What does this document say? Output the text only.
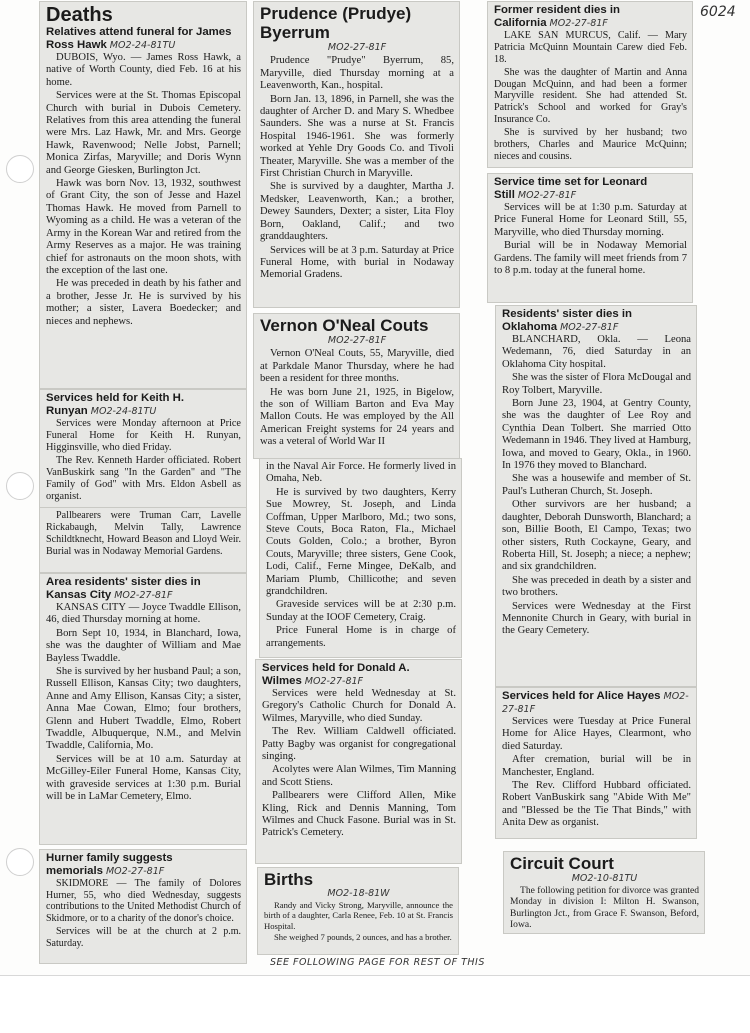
6024
Deaths
Relatives attend funeral for James Ross Hawk MO2-24-81TU

DUBOIS, Wyo. — James Ross Hawk, a native of Worth County, died Feb. 16 at his home.

Services were at the St. Thomas Episcopal Church with burial in Dubois Cemetery. Relatives from this area attending the funeral were Mrs. Laz Hawk, Mr. and Mrs. George Hawk, Ravenwood; Nelle Jobst, Parnell; Monica Zirfas, Maryville; and Doris Wynn and George Giesken, Burlington Jct.

Hawk was born Nov. 13, 1932, southwest of Grant City, the son of Jesse and Hazel Thomas Hawk. He moved from Parnell to Wyoming as a child. He was a veteran of the Army in the Korean War and retired from the Army Reserves as a major. He was training chief for astronauts on the moon shots, with the exception of the last one.

He was preceded in death by his father and a brother, Jesse Jr. He is survived by his mother; a sister, Lavera Boedecker; and nieces and nephews.

Services held for Keith H. Runyan MO2-24-81TU

Services were Monday afternoon at Price Funeral Home for Keith H. Runyan, Higginsville, who died Friday.

The Rev. Kenneth Harder officiated. Robert VanBuskirk sang "In the Garden" and "The Family of God" with Mrs. Eldon Asbell as organist.

Pallbearers were Truman Carr, Lavelle Rickabaugh, Melvin Tally, Lawrence Schildtknecht, Howard Beason and Lloyd Weir. Burial was in Nodaway Memorial Gardens.

Area residents' sister dies in Kansas City MO2-27-81F

KANSAS CITY — Joyce Twaddle Ellison, 46, died Thursday morning at home.

Born Sept 10, 1934, in Blanchard, Iowa, she was the daughter of William and Mae Bayless Twaddle.

She is survived by her husband Paul; a son, Russell Ellison, Kansas City; two daughters, Anne and Amy Ellison, Kansas City; a sister, Anna Mae Cowan, Elmo; four brothers, Glenn and Hubert Twaddle, Elmo, Robert Twaddle, Albuquerque, N.M., and Melvin Twaddle, California, Mo.

Services will be at 10 a.m. Saturday at McGilley-Eiler Funeral Home, Kansas City, with graveside services at 1:30 p.m. Burial will be in LaMar Cemetery, Elmo.

Hurner family suggests memorials MO2-27-81F

SKIDMORE — The family of Dolores Hurner, 55, who died Wednesday, suggests contributions to the United Methodist Church of Skidmore, or to a charity of the donor's choice.

Services will be at the church at 2 p.m. Saturday.

Prudence (Prudye) Byerrum
MO2-27-81F

Prudence "Prudye" Byerrum, 85, Maryville, died Thursday morning at a Leavenworth, Kan., hospital.

Born Jan. 13, 1896, in Parnell, she was the daughter of Archer D. and Mary S. Whedbee Saunders. She was a nurse at St. Francis Hospital 1946-1961. She was formerly worked at Yehle Dry Goods Co. and Tivoli Theater, Maryville. She was a member of the First Christian Church in Maryville.

She is survived by a daughter, Martha J. Medsker, Leavenworth, Kan.; a brother, Dewey Saunders, Dexter; a sister, Lita Floy Born, Oakland, Calif.; and two granddaughters.

Services will be at 3 p.m. Saturday at Price Funeral Home, with burial in Nodaway Memorial Gradens.

Vernon O'Neal Couts
MO2-27-81F

Vernon O'Neal Couts, 55, Maryville, died at Parkdale Manor Thursday, where he had been a resident for three months.

He was born June 21, 1925, in Bigelow, the son of William Barton and Eva May Mallon Couts. He was employed by the All American Freight systems for 24 years and was a veteral of World War II

in the Naval Air Force. He formerly lived in Omaha, Neb.

He is survived by two daughters, Kerry Sue Mowrey, St. Joseph, and Linda Coffman, Upper Marlboro, Md.; two sons, Steve Couts, Boca Raton, Fla., Michael Couts Golden, Colo.; a brother, Byron Couts, Maryville; three sisters, Gene Cook, Lodi, Calif., Ferne Mingee, DeKalb, and Mariam Plumb, Chillicothe; and seven grandchildren.

Graveside services will be at 2:30 p.m. Sunday at the IOOF Cemetery, Craig.

Price Funeral Home is in charge of arrangements.

Services held for Donald A. Wilmes MO2-27-81F

Services were held Wednesday at St. Gregory's Catholic Church for Donald A. Wilmes, Maryville, who died Sunday.

The Rev. William Caldwell officiated. Patty Bagby was organist for congregational singing.

Acolytes were Alan Wilmes, Tim Manning and Scott Stiens.

Pallbearers were Clifford Allen, Mike Kling, Rick and Dennis Manning, Tom Wilmes and Chuck Fasone. Burial was in St. Patrick's Cemetery.

Births
MO2-18-81W

Randy and Vicky Strong, Maryville, announce the birth of a daughter, Carla Renee, Feb. 10 at St. Francis Hospital.

She weighed 7 pounds, 2 ounces, and has a brother.

Former resident dies in California MO2-27-81F

LAKE SAN MURCUS, Calif. — Mary Patricia McQuinn Mountain Carew died Feb. 18.

She was the daughter of Martin and Anna Dougan McQuinn, and had been a former Maryville resident. She had attended St. Patrick's School and worked for Gray's Insurance Co.

She is survived by her husband; two brothers, Charles and Maurice McQuinn; nieces and cousins.

Service time set for Leonard Still MO2-27-81F

Services will be at 1:30 p.m. Saturday at Price Funeral Home for Leonard Still, 55, Maryville, who died Thursday morning.

Burial will be in Nodaway Memorial Gardens. The family will meet friends from 7 to 8 p.m. today at the funeral home.

Residents' sister dies in Oklahoma MO2-27-81F

BLANCHARD, Okla. — Leona Wedemann, 76, died Saturday in an Oklahoma City hospital.

She was the sister of Flora McDougal and Roy Tolbert, Maryville.

Born June 23, 1904, at Gentry County, she was the daughter of Lee Roy and Cynthia Dean Tolbert. She married Otto Wedemann in 1946. They lived at Hamburg, Iowa, and moved to Geary, Okla., in 1960. In 1976 they moved to Blanchard.

She was a housewife and member of St. Paul's Lutheran Church, St. Joseph.

Other survivors are her husband; a daughter, Deborah Dunsworth, Blanchard; a son, Billie Booth, El Campo, Texas; two other sisters, Ruth Cockayne, Geary, and Roberta Hill, St. Joseph; a niece; a nephew; and six grandchildren.

She was preceded in death by a sister and two brothers.

Services were Wednesday at the First Mennonite Church in Geary, with burial in the Geary Cemetery.

Services held for Alice Hayes MO2-27-81F

Services were Tuesday at Price Funeral Home for Alice Hayes, Clearmont, who died Saturday.

After cremation, burial will be in Manchester, England.

The Rev. Clifford Hubbard officiated. Robert VanBuskirk sang "Abide With Me" and "Blessed be the Tie That Binds," with Anita Dew as organist.

Circuit Court
MO2-10-81TU

The following petition for divorce was granted Monday in division I: Milton H. Swanson, Burlington Jct., from Grace F. Swanson, Beford, Iowa.

SEE FOLLOWING PAGE FOR REST OF THIS
